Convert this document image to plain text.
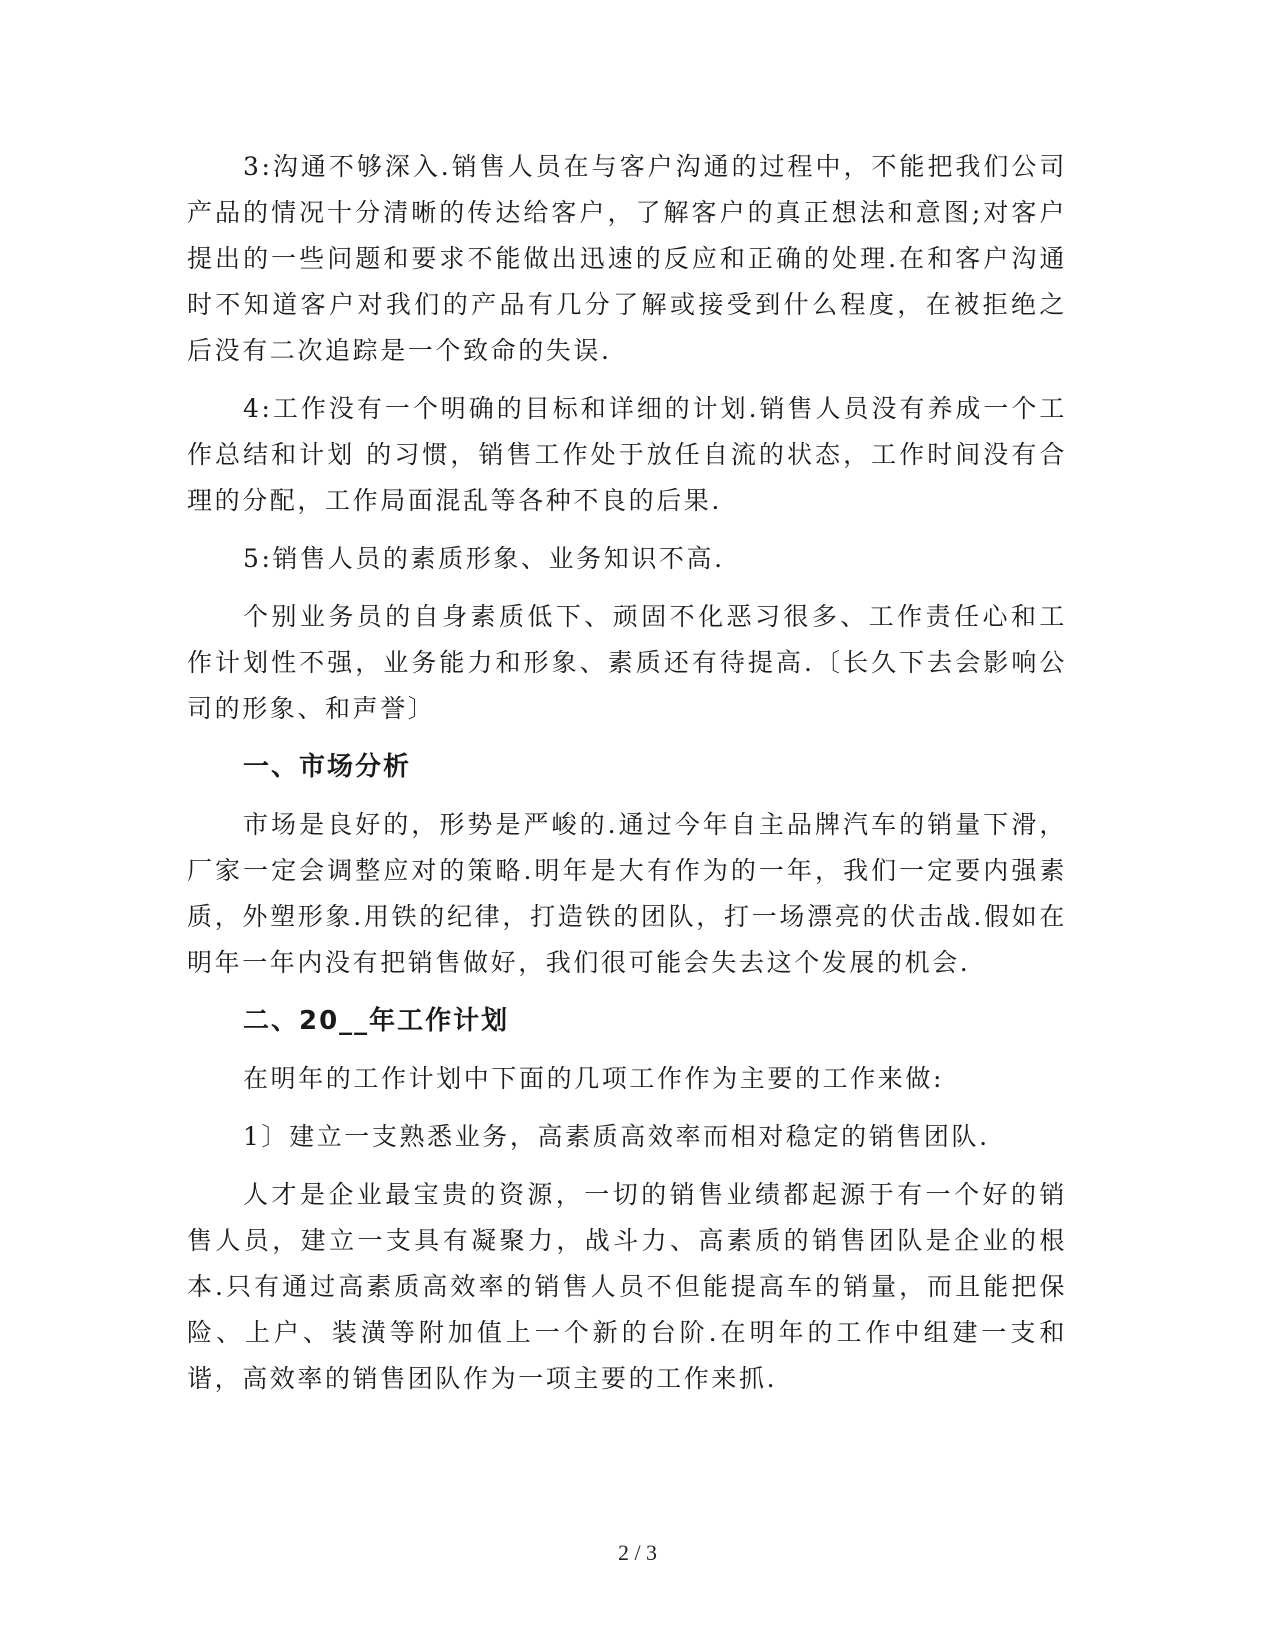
3:沟通不够深入.销售人员在与客户沟通的过程中，不能把我们公司产品的情况十分清晰的传达给客户，了解客户的真正想法和意图;对客户提出的一些问题和要求不能做出迅速的反应和正确的处理.在和客户沟通时不知道客户对我们的产品有几分了解或接受到什么程度，在被拒绝之后没有二次追踪是一个致命的失误.

4:工作没有一个明确的目标和详细的计划.销售人员没有养成一个工作总结和计划 的习惯，销售工作处于放任自流的状态，工作时间没有合理的分配，工作局面混乱等各种不良的后果.

5:销售人员的素质形象、业务知识不高.

个别业务员的自身素质低下、顽固不化恶习很多、工作责任心和工作计划性不强，业务能力和形象、素质还有待提高.〔长久下去会影响公司的形象、和声誉〕

一、市场分析

市场是良好的，形势是严峻的.通过今年自主品牌汽车的销量下滑，厂家一定会调整应对的策略.明年是大有作为的一年，我们一定要内强素质，外塑形象.用铁的纪律，打造铁的团队，打一场漂亮的伏击战.假如在明年一年内没有把销售做好，我们很可能会失去这个发展的机会.

二、20__年工作计划

在明年的工作计划中下面的几项工作作为主要的工作来做:

1〕建立一支熟悉业务，高素质高效率而相对稳定的销售团队.

人才是企业最宝贵的资源，一切的销售业绩都起源于有一个好的销售人员，建立一支具有凝聚力，战斗力、高素质的销售团队是企业的根本.只有通过高素质高效率的销售人员不但能提高车的销量，而且能把保险、上户、装潢等附加值上一个新的台阶.在明年的工作中组建一支和谐，高效率的销售团队作为一项主要的工作来抓.

2 / 3
